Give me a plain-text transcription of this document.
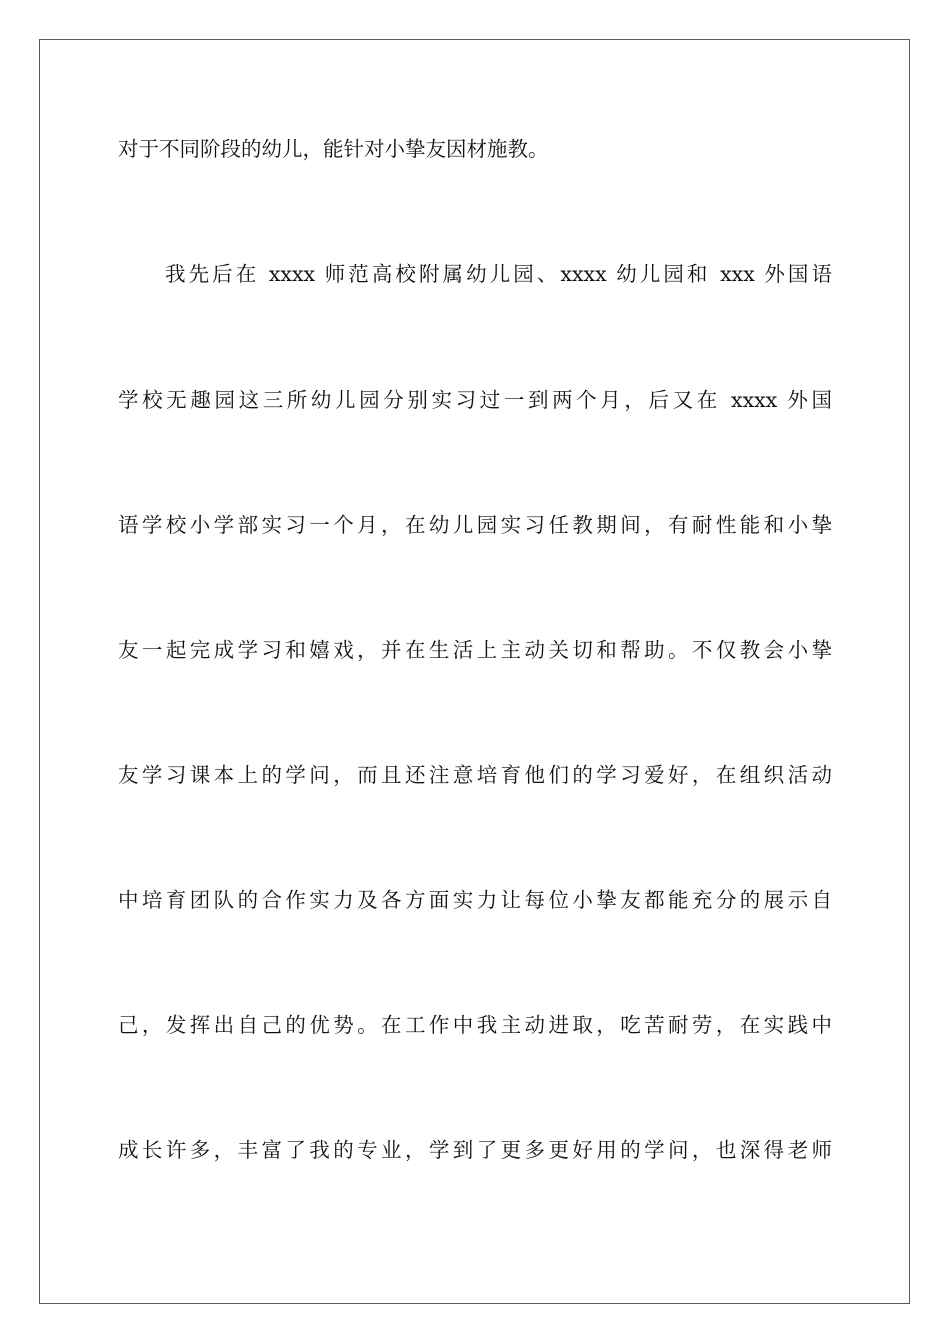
对于不同阶段的幼儿，能针对小挚友因材施教。
我先后在 xxxx 师范高校附属幼儿园、xxxx 幼儿园和 xxx 外国语
学校无趣园这三所幼儿园分别实习过一到两个月，后又在 xxxx 外国
语学校小学部实习一个月，在幼儿园实习任教期间，有耐性能和小挚
友一起完成学习和嬉戏，并在生活上主动关切和帮助。不仅教会小挚
友学习课本上的学问，而且还注意培育他们的学习爱好，在组织活动
中培育团队的合作实力及各方面实力让每位小挚友都能充分的展示自
己，发挥出自己的优势。在工作中我主动进取，吃苦耐劳，在实践中
成长许多，丰富了我的专业，学到了更多更好用的学问，也深得老师
